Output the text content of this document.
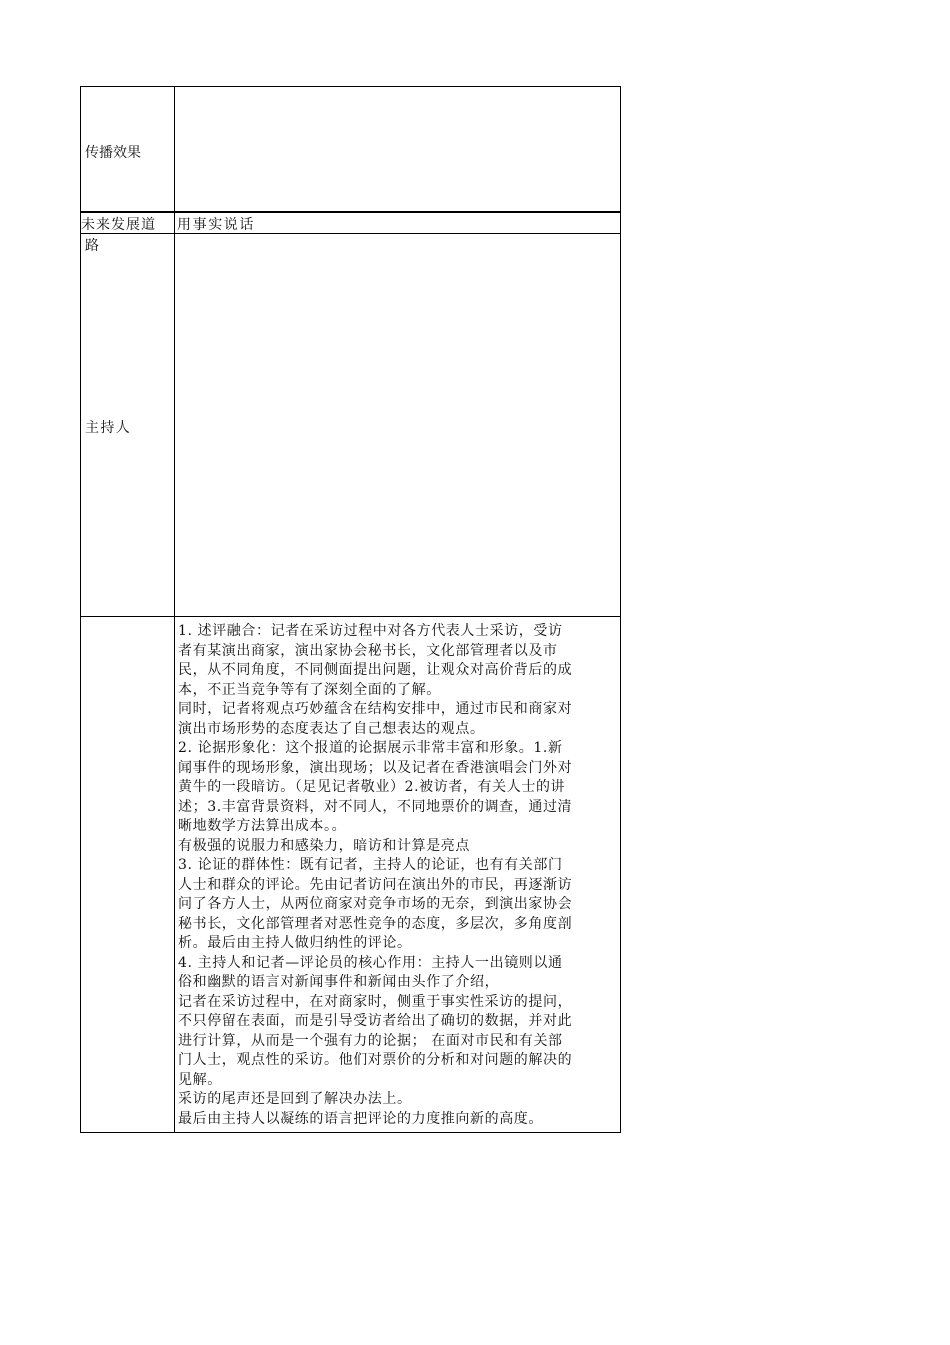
传播效果
未来发展道
路
用事实说话
主持人
1. 述评融合：记者在采访过程中对各方代表人士采访，受访
者有某演出商家，演出家协会秘书长，文化部管理者以及市
民，从不同角度，不同侧面提出问题，让观众对高价背后的成
本，不正当竞争等有了深刻全面的了解。
同时，记者将观点巧妙蕴含在结构安排中，通过市民和商家对
演出市场形势的态度表达了自己想表达的观点。
2. 论据形象化：这个报道的论据展示非常丰富和形象。1.新
闻事件的现场形象，演出现场；以及记者在香港演唱会门外对
黄牛的一段暗访。（足见记者敬业）2.被访者，有关人士的讲
述；3.丰富背景资料，对不同人，不同地票价的调查，通过清
晰地数学方法算出成本。。
有极强的说服力和感染力，暗访和计算是亮点
3. 论证的群体性：既有记者，主持人的论证，也有有关部门
人士和群众的评论。先由记者访问在演出外的市民，再逐渐访
问了各方人士，从两位商家对竞争市场的无奈，到演出家协会
秘书长，文化部管理者对恶性竞争的态度，多层次，多角度剖
析。最后由主持人做归纳性的评论。
4. 主持人和记者—评论员的核心作用：主持人一出镜则以通
俗和幽默的语言对新闻事件和新闻由头作了介绍，
记者在采访过程中，在对商家时，侧重于事实性采访的提问，
不只停留在表面，而是引导受访者给出了确切的数据，并对此
进行计算，从而是一个强有力的论据； 在面对市民和有关部
门人士，观点性的采访。他们对票价的分析和对问题的解决的
见解。
采访的尾声还是回到了解决办法上。
最后由主持人以凝练的语言把评论的力度推向新的高度。
